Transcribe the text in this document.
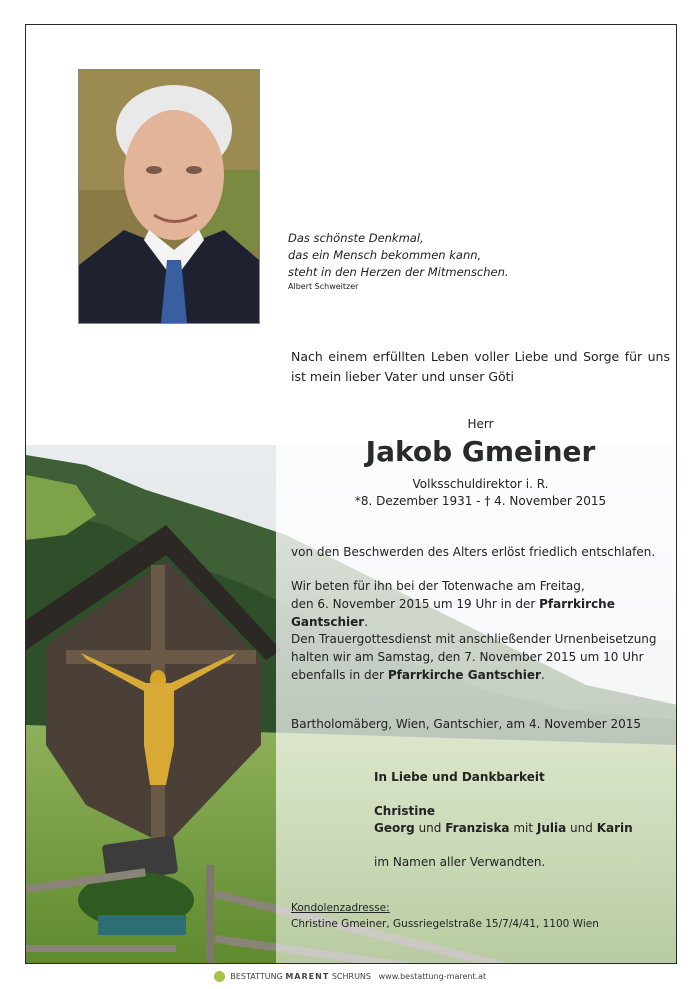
Das schönste Denkmal,
das ein Mensch bekommen kann,
steht in den Herzen der Mitmenschen.
Albert Schweitzer
Nach einem erfüllten Leben voller Liebe und Sorge für uns ist mein lieber Vater und unser Göti
Herr
Jakob Gmeiner
Volksschuldirektor i. R.
*8. Dezember 1931 - † 4. November 2015
von den Beschwerden des Alters erlöst friedlich entschlafen.
Wir beten für ihn bei der Totenwache am Freitag,
den 6. November 2015 um 19 Uhr in der Pfarrkirche Gantschier.
Den Trauergottesdienst mit anschließender Urnenbeisetzung
halten wir am Samstag, den 7. November 2015 um 10 Uhr
ebenfalls in der Pfarrkirche Gantschier.
Bartholomäberg, Wien, Gantschier, am 4. November 2015
In Liebe und Dankbarkeit
Christine
Georg und Franziska mit Julia und Karin
im Namen aller Verwandten.
Kondolenzadresse:
Christine Gmeiner, Gussriegelstraße 15/7/4/41, 1100 Wien
BESTATTUNG MARENT SCHRUNS www.bestattung-marent.at
